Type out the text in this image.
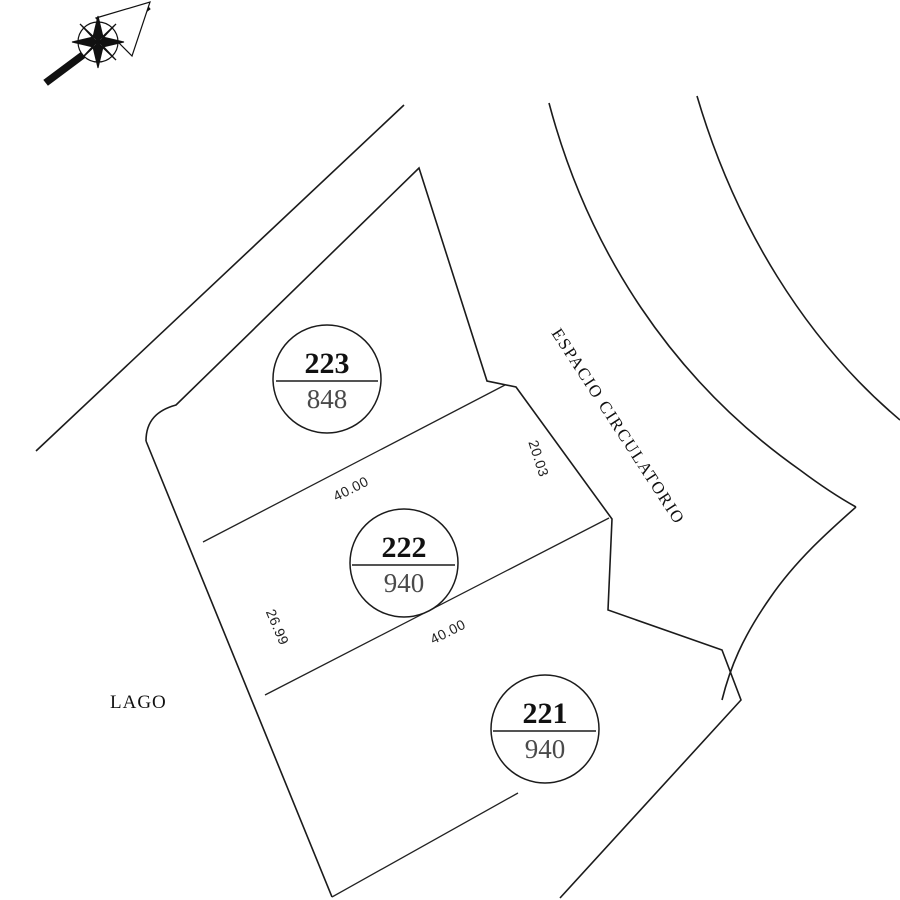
223
848
222
940
221
940
40.00
20.03
26.99	40.00
LAGO
ESPACIO CIRCULATORIO
